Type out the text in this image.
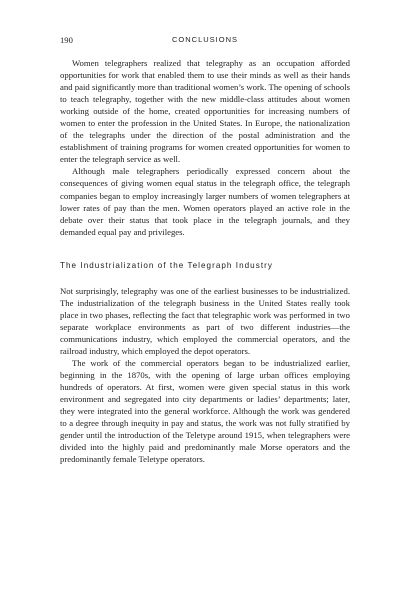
190	CONCLUSIONS

Women telegraphers realized that telegraphy as an occupation afforded opportunities for work that enabled them to use their minds as well as their hands and paid significantly more than traditional women’s work. The opening of schools to teach telegraphy, together with the new middle-class attitudes about women working outside of the home, created opportunities for increasing numbers of women to enter the profession in the United States. In Europe, the nationalization of the telegraphs under the direction of the postal administration and the establishment of training programs for women created opportunities for women to enter the telegraph service as well.

Although male telegraphers periodically expressed concern about the consequences of giving women equal status in the telegraph office, the telegraph companies began to employ increasingly larger numbers of women telegraphers at lower rates of pay than the men. Women operators played an active role in the debate over their status that took place in the telegraph journals, and they demanded equal pay and privileges.

The Industrialization of the Telegraph Industry

Not surprisingly, telegraphy was one of the earliest businesses to be industrialized. The industrialization of the telegraph business in the United States really took place in two phases, reflecting the fact that telegraphic work was performed in two separate workplace environments as part of two different industries—the communications industry, which employed the commercial operators, and the railroad industry, which employed the depot operators.

The work of the commercial operators began to be industrialized earlier, beginning in the 1870s, with the opening of large urban offices employing hundreds of operators. At first, women were given special status in this work environment and segregated into city departments or ladies’ departments; later, they were integrated into the general workforce. Although the work was gendered to a degree through inequity in pay and status, the work was not fully stratified by gender until the introduction of the Teletype around 1915, when telegraphers were divided into the highly paid and predominantly male Morse operators and the predominantly female Teletype operators.
